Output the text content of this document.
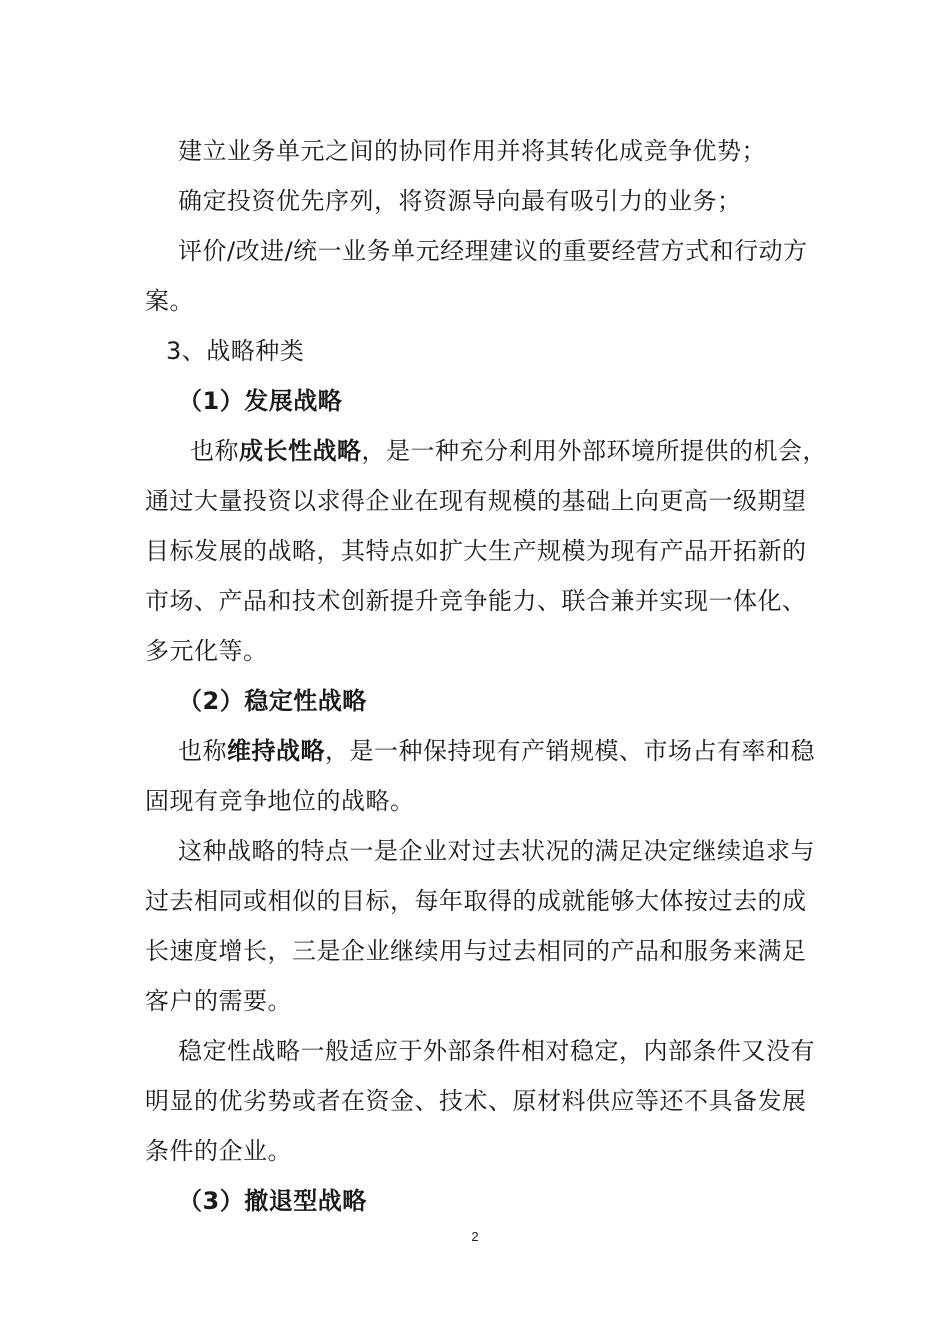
建立业务单元之间的协同作用并将其转化成竞争优势；
确定投资优先序列，将资源导向最有吸引力的业务；
评价/改进/统一业务单元经理建议的重要经营方式和行动方
案。
3、战略种类
（1）发展战略
也称成长性战略，是一种充分利用外部环境所提供的机会，
通过大量投资以求得企业在现有规模的基础上向更高一级期望
目标发展的战略，其特点如扩大生产规模为现有产品开拓新的
市场、产品和技术创新提升竞争能力、联合兼并实现一体化、
多元化等。
（2）稳定性战略
也称维持战略，是一种保持现有产销规模、市场占有率和稳
固现有竞争地位的战略。
这种战略的特点一是企业对过去状况的满足决定继续追求与
过去相同或相似的目标，每年取得的成就能够大体按过去的成
长速度增长，三是企业继续用与过去相同的产品和服务来满足
客户的需要。
稳定性战略一般适应于外部条件相对稳定，内部条件又没有
明显的优劣势或者在资金、技术、原材料供应等还不具备发展
条件的企业。
（3）撤退型战略
2
